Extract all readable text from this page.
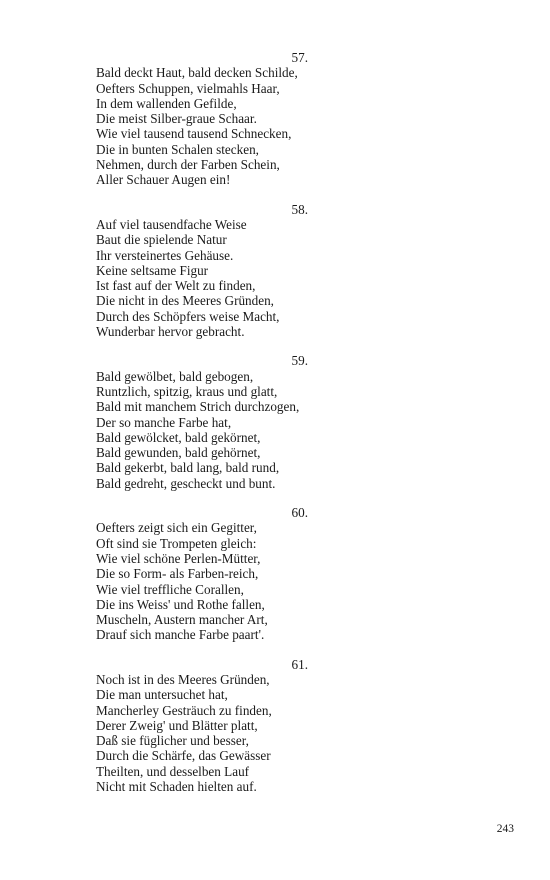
57.
Bald deckt Haut, bald decken Schilde,
Oefters Schuppen, vielmahls Haar,
In dem wallenden Gefilde,
Die meist Silber-graue Schaar.
Wie viel tausend tausend Schnecken,
Die in bunten Schalen stecken,
Nehmen, durch der Farben Schein,
Aller Schauer Augen ein!
58.
Auf viel tausendfache Weise
Baut die spielende Natur
Ihr versteinertes Gehäuse.
Keine seltsame Figur
Ist fast auf der Welt zu finden,
Die nicht in des Meeres Gründen,
Durch des Schöpfers weise Macht,
Wunderbar hervor gebracht.
59.
Bald gewölbet, bald gebogen,
Runtzlich, spitzig, kraus und glatt,
Bald mit manchem Strich durchzogen,
Der so manche Farbe hat,
Bald gewölcket, bald gekörnet,
Bald gewunden, bald gehörnet,
Bald gekerbt, bald lang, bald rund,
Bald gedreht, gescheckt und bunt.
60.
Oefters zeigt sich ein Gegitter,
Oft sind sie Trompeten gleich:
Wie viel schöne Perlen-Mütter,
Die so Form- als Farben-reich,
Wie viel treffliche Corallen,
Die ins Weiss' und Rothe fallen,
Muscheln, Austern mancher Art,
Drauf sich manche Farbe paart'.
61.
Noch ist in des Meeres Gründen,
Die man untersuchet hat,
Mancherley Gesträuch zu finden,
Derer Zweig' und Blätter platt,
Daß sie füglicher und besser,
Durch die Schärfe, das Gewässer
Theilten, und desselben Lauf
Nicht mit Schaden hielten auf.
243
